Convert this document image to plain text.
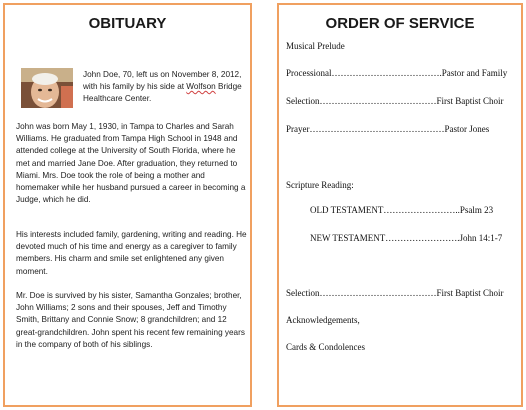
OBITUARY
John Doe, 70, left us on November 8, 2012, with his family by his side at Wolfson Bridge Healthcare Center.
John was born May 1, 1930, in Tampa to Charles and Sarah Williams. He graduated from Tampa High School in 1948 and attended college at the University of South Florida, where he met and married Jane Doe. After graduation, they returned to Miami. Mrs. Doe took the role of being a mother and homemaker while her husband pursued a career in becoming a Judge, which he did.
His interests included family, gardening, writing and reading. He devoted much of his time and energy as a caregiver to family members. His charm and smile set enlightened any given moment.
Mr. Doe is survived by his sister, Samantha Gonzales; brother, John Williams; 2 sons and their spouses, Jeff and Timothy Smith, Brittany and Connie Snow; 8 grandchildren; and 12 great-grandchildren. John spent his recent few remaining years in the company of both of his siblings.
ORDER OF SERVICE
Musical Prelude
Processional……………………………….Pastor and Family
Selection…………………………………First Baptist Choir
Prayer………………………………………Pastor Jones
Scripture Reading:
OLD TESTAMENT……………………..Psalm 23
NEW TESTAMENT…………………….John 14:1-7
Selection…………………………………First Baptist Choir
Acknowledgements,
Cards & Condolences
